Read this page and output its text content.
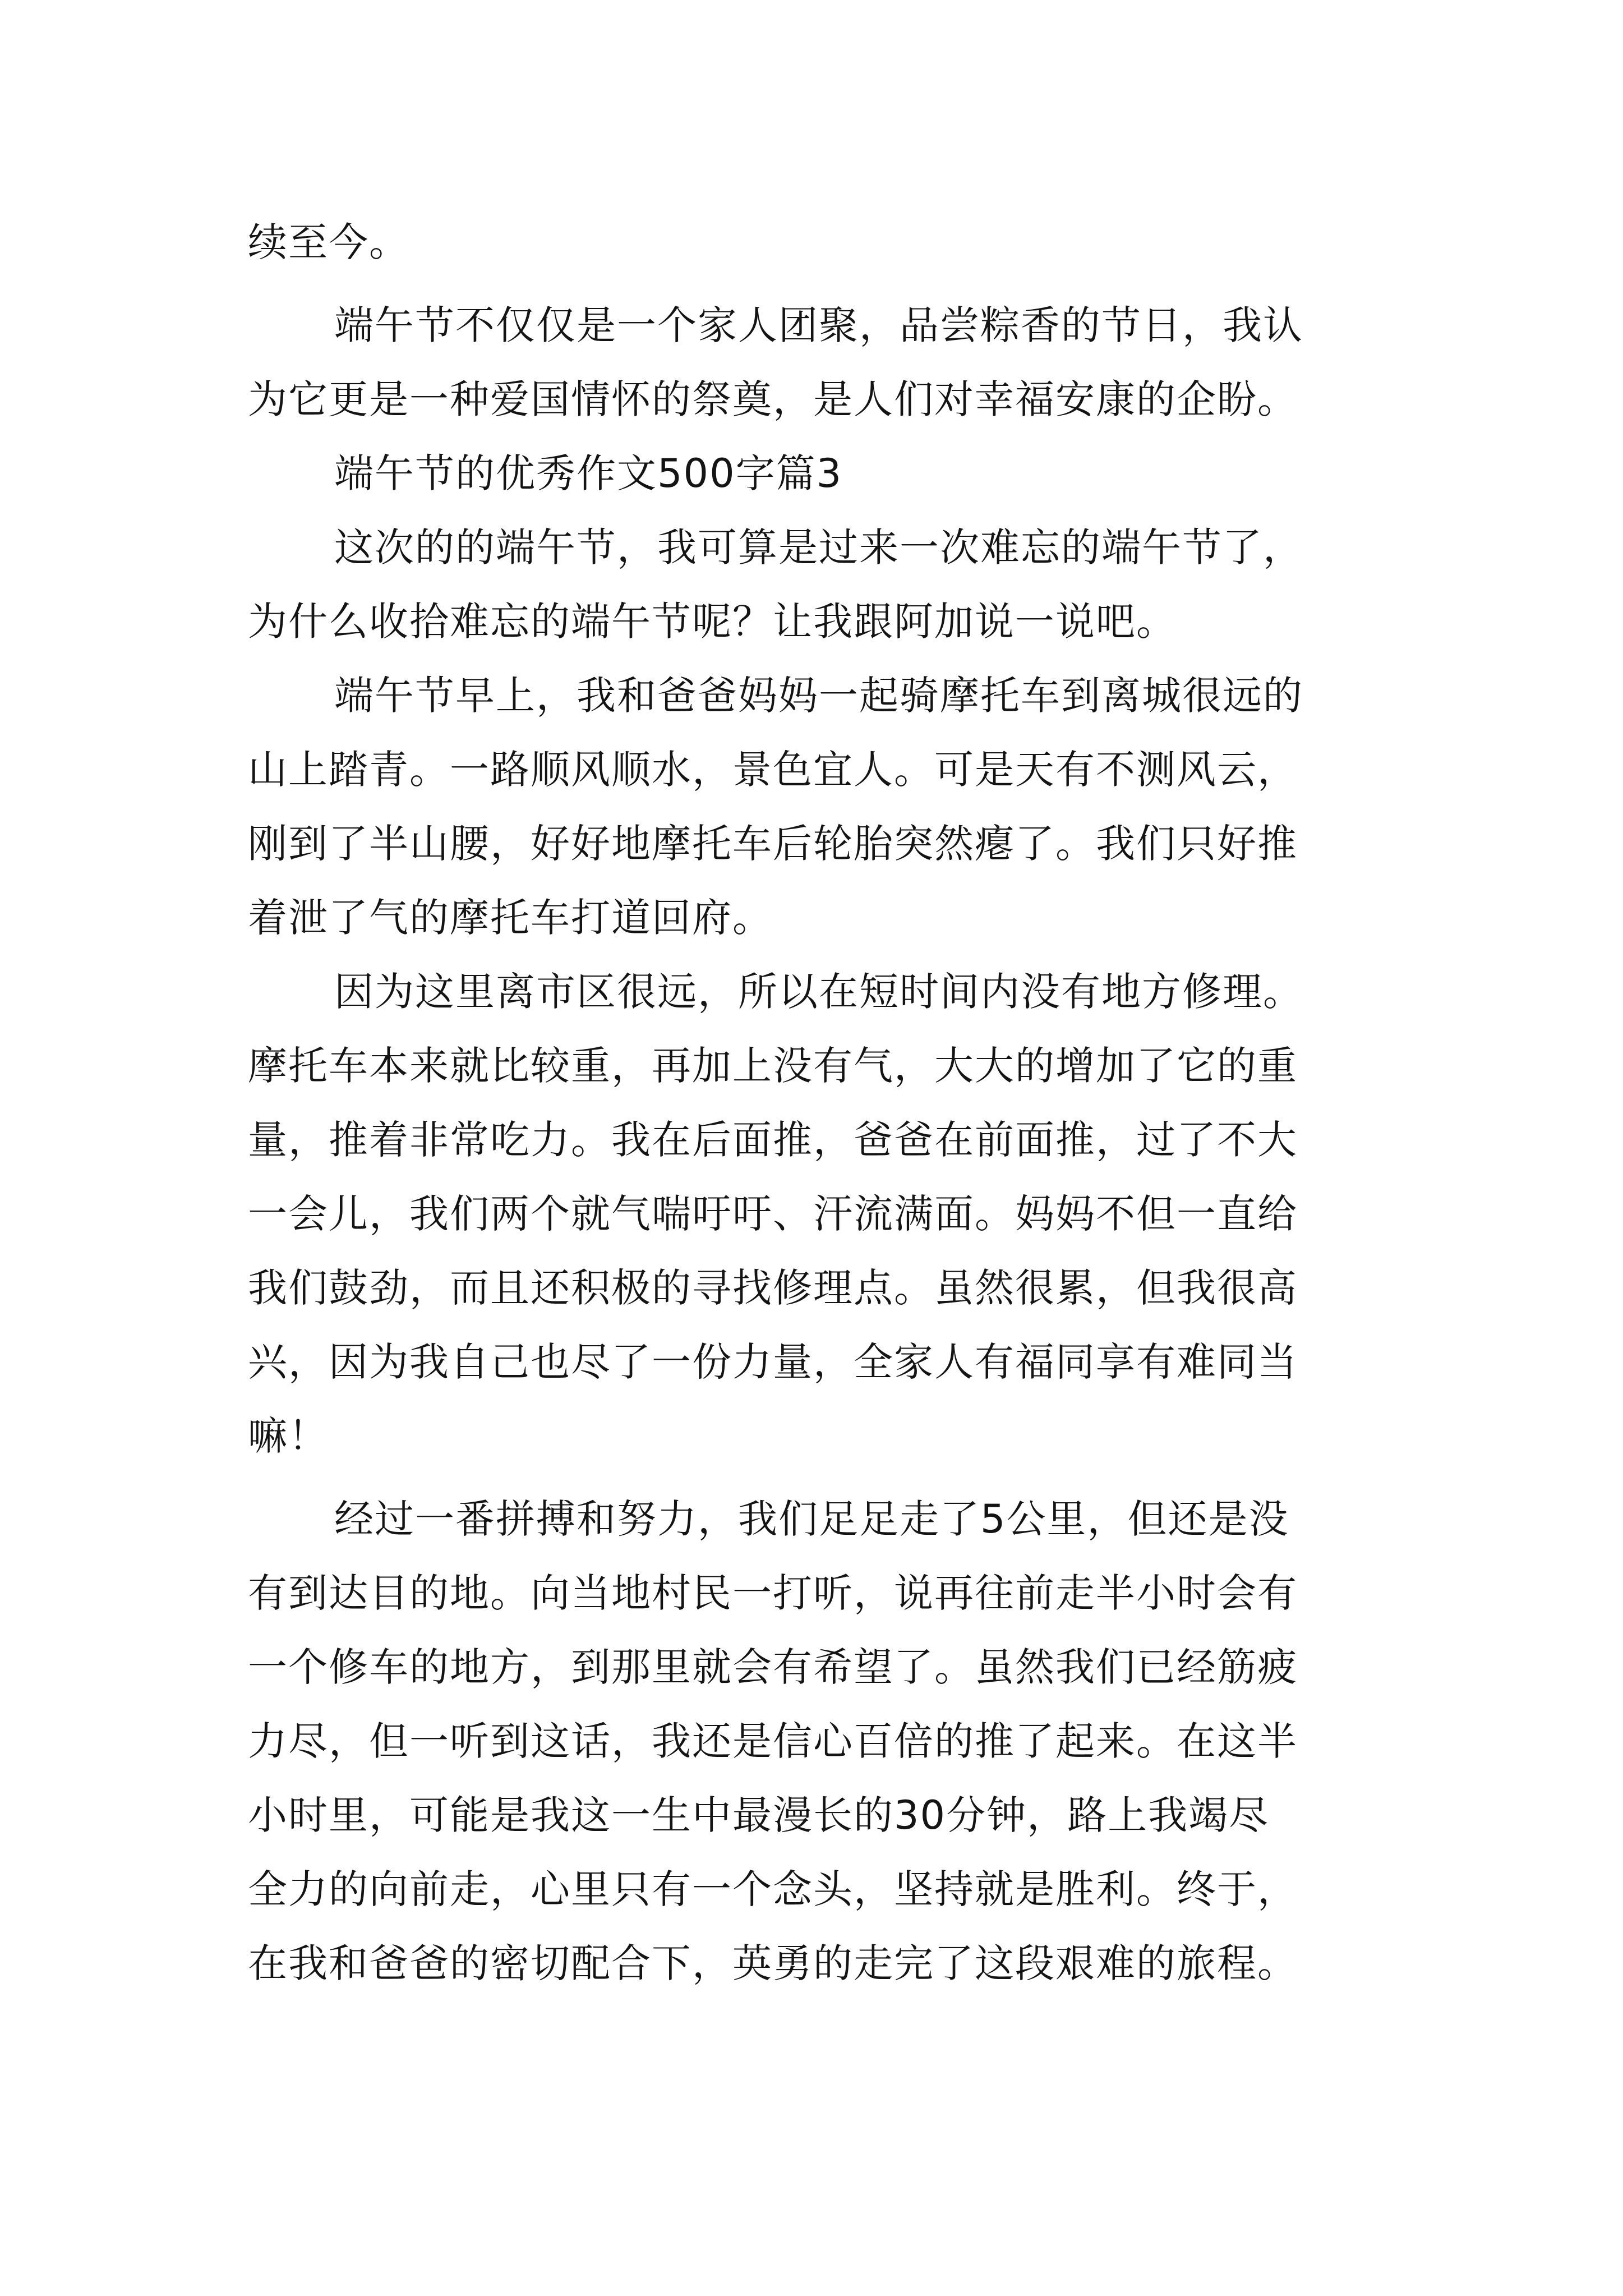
续至今。
端午节不仅仅是一个家人团聚，品尝粽香的节日，我认
为它更是一种爱国情怀的祭奠，是人们对幸福安康的企盼。
端午节的优秀作文500字篇3
这次的的端午节，我可算是过来一次难忘的端午节了，
为什么收拾难忘的端午节呢？让我跟阿加说一说吧。
端午节早上，我和爸爸妈妈一起骑摩托车到离城很远的
山上踏青。一路顺风顺水，景色宜人。可是天有不测风云，
刚到了半山腰，好好地摩托车后轮胎突然瘪了。我们只好推
着泄了气的摩托车打道回府。
因为这里离市区很远，所以在短时间内没有地方修理。
摩托车本来就比较重，再加上没有气，大大的增加了它的重
量，推着非常吃力。我在后面推，爸爸在前面推，过了不大
一会儿，我们两个就气喘吁吁、汗流满面。妈妈不但一直给
我们鼓劲，而且还积极的寻找修理点。虽然很累，但我很高
兴，因为我自己也尽了一份力量，全家人有福同享有难同当
嘛！
经过一番拼搏和努力，我们足足走了5公里，但还是没
有到达目的地。向当地村民一打听，说再往前走半小时会有
一个修车的地方，到那里就会有希望了。虽然我们已经筋疲
力尽，但一听到这话，我还是信心百倍的推了起来。在这半
小时里，可能是我这一生中最漫长的30分钟，路上我竭尽
全力的向前走，心里只有一个念头，坚持就是胜利。终于，
在我和爸爸的密切配合下，英勇的走完了这段艰难的旅程。
